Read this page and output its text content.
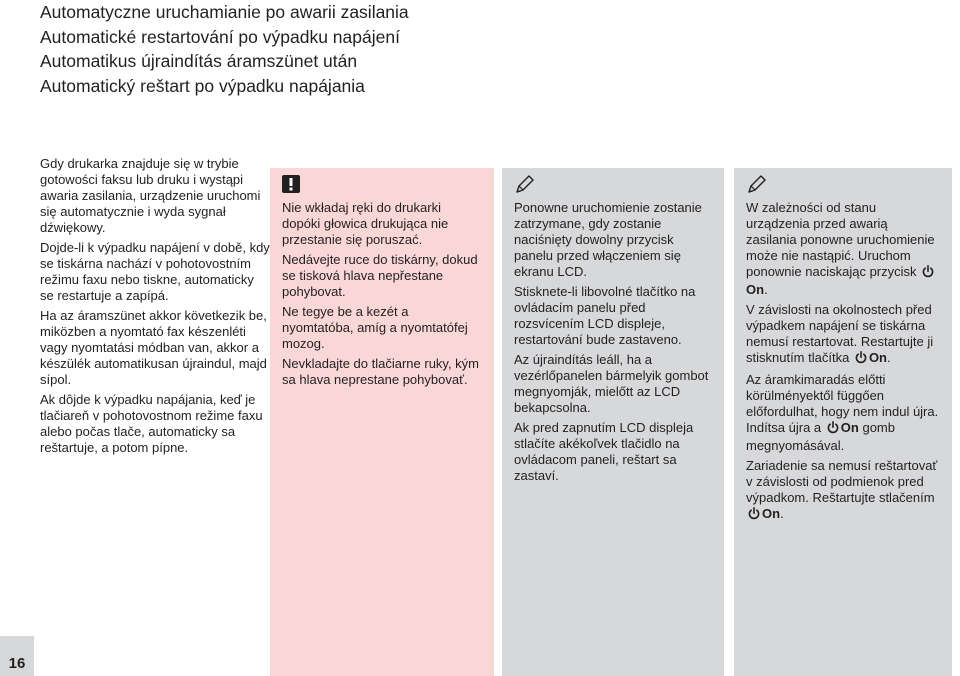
Automatyczne uruchamianie po awarii zasilania
Automatické restartování po výpadku napájení
Automatikus újraindítás áramszünet után
Automatický reštart po výpadku napájania

Gdy drukarka znajduje się w trybie gotowości faksu lub druku i wystąpi awaria zasilania, urządzenie uruchomi się automatycznie i wyda sygnał dźwiękowy.

Dojde-li k výpadku napájení v době, kdy se tiskárna nachází v pohotovostním režimu faxu nebo tiskne, automaticky se restartuje a zapípá.

Ha az áramszünet akkor következik be, miközben a nyomtató fax készenléti vagy nyomtatási módban van, akkor a készülék automatikusan újraindul, majd sípol.

Ak dôjde k výpadku napájania, keď je tlačiareň v pohotovostnom režime faxu alebo počas tlače, automaticky sa reštartuje, a potom pípne.

Nie wkładaj ręki do drukarki dopóki głowica drukująca nie przestanie się poruszać.

Nedávejte ruce do tiskárny, dokud se tisková hlava nepřestane pohybovat.

Ne tegye be a kezét a nyomtatóba, amíg a nyomtatófej mozog.

Nevkladajte do tlačiarne ruky, kým sa hlava neprestane pohybovať.

Ponowne uruchomienie zostanie zatrzymane, gdy zostanie naciśnięty dowolny przycisk panelu przed włączeniem się ekranu LCD.

Stisknete-li libovolné tlačítko na ovládacím panelu před rozsvícením LCD displeje, restartování bude zastaveno.

Az újraindítás leáll, ha a vezérlőpanelen bármelyik gombot megnyomják, mielőtt az LCD bekapcsolna.

Ak pred zapnutím LCD displeja stlačíte akékoľvek tlačidlo na ovládacom paneli, reštart sa zastaví.

W zależności od stanu urządzenia przed awarią zasilania ponowne uruchomienie może nie nastąpić. Uruchom ponownie naciskając przycisk On.

V závislosti na okolnostech před výpadkem napájení se tiskárna nemusí restartovat. Restartujte ji stisknutím tlačítka On.

Az áramkimaradás előtti körülményektől függően előfordulhat, hogy nem indul újra. Indítsa újra a On gomb megnyomásával.

Zariadenie sa nemusí reštartovať v závislosti od podmienok pred výpadkom. Reštartujte stlačením On.

16
